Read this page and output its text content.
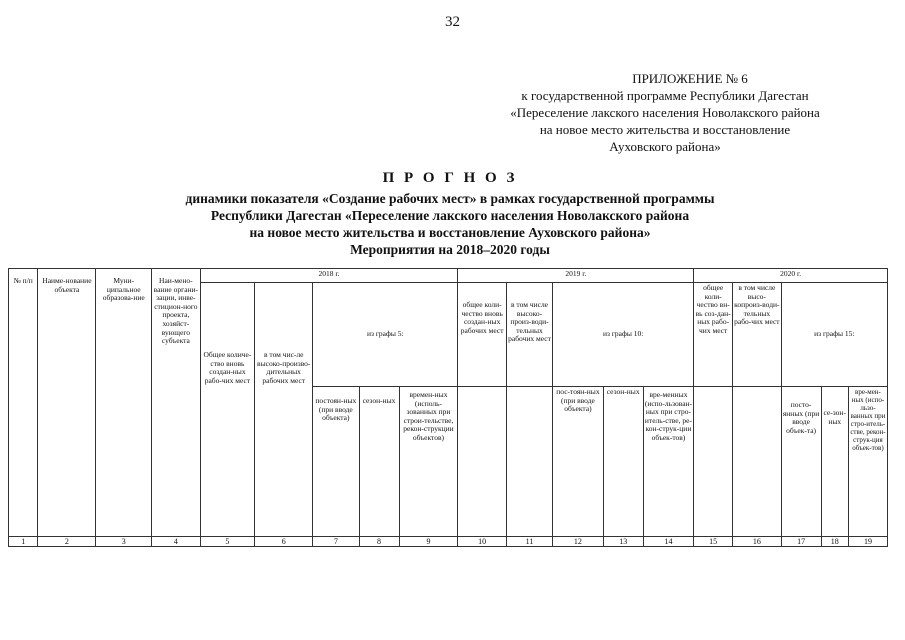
32
ПРИЛОЖЕНИЕ № 6
к государственной программе Республики Дагестан
«Переселение лакского населения Новолакского района
на новое место жительства и восстановление
Ауховского района»
П Р О Г Н О З
динамики показателя «Создание рабочих мест» в рамках государственной программы
Республики Дагестан «Переселение лакского населения Новолакского района
на новое место жительства и восстановление Ауховского района»
Мероприятия на 2018–2020 годы
№ п/п	Наиме-нование объекта	Муни-ципальное образова-ние	Наи-мено-вание органи-зации, инве-стицион-ного проекта, хозяйст-вующего субъекта	2018 г.					2019 г.					2020 г.				
				Общее количе-ство вновь создан-ных рабо-чих мест	в том чис-ле высоко-произво-дительных рабочих мест	из графы 5:			общее коли-чество вновь создан-ных рабочих мест	в том числе высоко-произ-води-тельных рабочих мест	из графы 10:			общее коли-чество вн-вь соз-дан-ных рабо-чих мест	в том числе высо-копроиз-води-тельных рабо-чих мест	из графы 15:		
						постоян-ных (при вводе объекта)	сезон-ных	времен-ных (исполь-зованных при строи-тельстве, рекон-струкции объектов)			пос-тоян-ных (при вводе объекта)	сезон-ных	вре-менных (испо-льзован-ных при стро-итель-стве, ре-кон-струк-ции объек-тов)			посто-янных (при вводе объек-та)	се-зон-ных	вре-мен-ных (испо-льзо-ванных при стро-итель-стве, рекон-струк-ция объек-тов)
1	2	3	4	5	6	7	8	9	10	11	12	13	14	15	16	17	18	19
